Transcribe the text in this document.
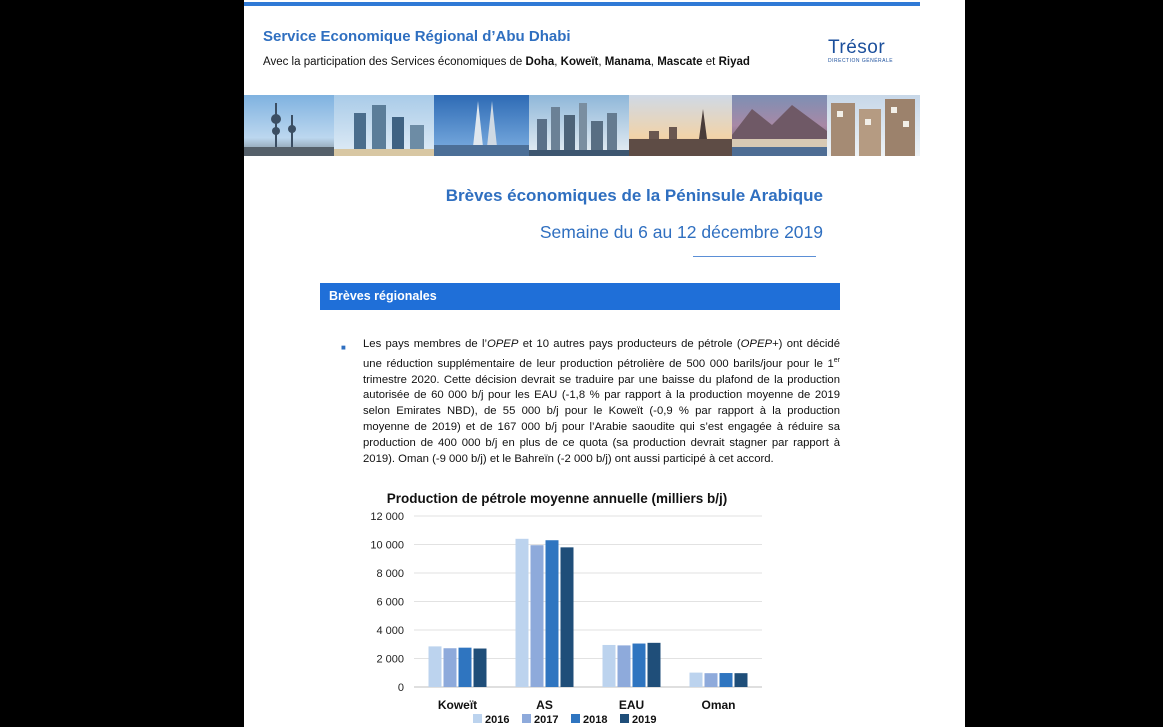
Service Economique Régional d’Abu Dhabi
Avec la participation des Services économiques de Doha, Koweït, Manama, Mascate et Riyad
Trésor
DIRECTION GÉNÉRALE
Brèves économiques de la Péninsule Arabique
Semaine du 6 au 12 décembre 2019
Brèves régionales
■ Les pays membres de l’OPEP et 10 autres pays producteurs de pétrole (OPEP+) ont décidé une réduction supplémentaire de leur production pétrolière de 500 000 barils/jour pour le 1er trimestre 2020. Cette décision devrait se traduire par une baisse du plafond de la production autorisée de 60 000 b/j pour les EAU (-1,8 % par rapport à la production moyenne de 2019 selon Emirates NBD), de 55 000 b/j pour le Koweït (-0,9 % par rapport à la production moyenne de 2019) et de 167 000 b/j pour l’Arabie saoudite qui s’est engagée à réduire sa production de 400 000 b/j en plus de ce quota (sa production devrait stagner par rapport à 2019). Oman (-9 000 b/j) et le Bahreïn (-2 000 b/j) ont aussi participé à cet accord.
Production de pétrole moyenne annuelle (milliers b/j)
0
2 000
4 000
6 000
8 000
10 000
12 000
Koweït	AS	EAU	Oman
2016 2017 2018 2019
